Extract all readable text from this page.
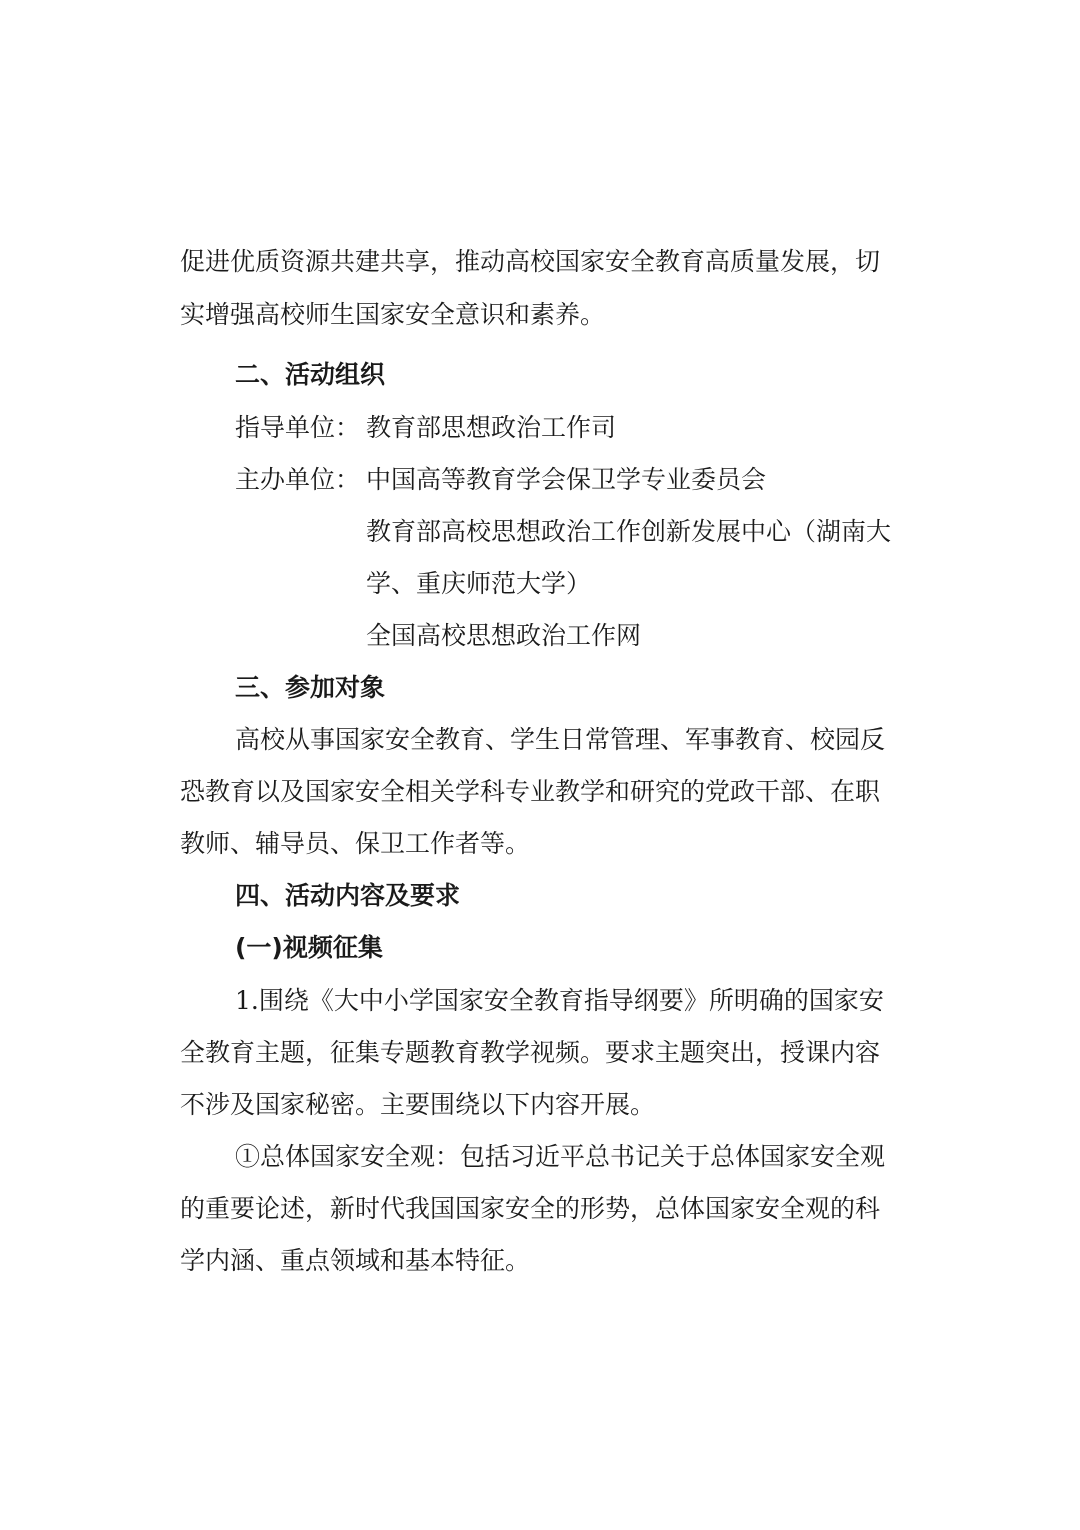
促进优质资源共建共享，推动高校国家安全教育高质量发展，切
实增强高校师生国家安全意识和素养。
二、活动组织
指导单位： 教育部思想政治工作司
主办单位： 中国高等教育学会保卫学专业委员会
教育部高校思想政治工作创新发展中心（湖南大
学、重庆师范大学）
全国高校思想政治工作网
三、参加对象
高校从事国家安全教育、学生日常管理、军事教育、校园反
恐教育以及国家安全相关学科专业教学和研究的党政干部、在职
教师、辅导员、保卫工作者等。
四、活动内容及要求
(一)视频征集
1.围绕《大中小学国家安全教育指导纲要》所明确的国家安
全教育主题，征集专题教育教学视频。要求主题突出，授课内容
不涉及国家秘密。主要围绕以下内容开展。
①总体国家安全观：包括习近平总书记关于总体国家安全观
的重要论述，新时代我国国家安全的形势，总体国家安全观的科
学内涵、重点领域和基本特征。
